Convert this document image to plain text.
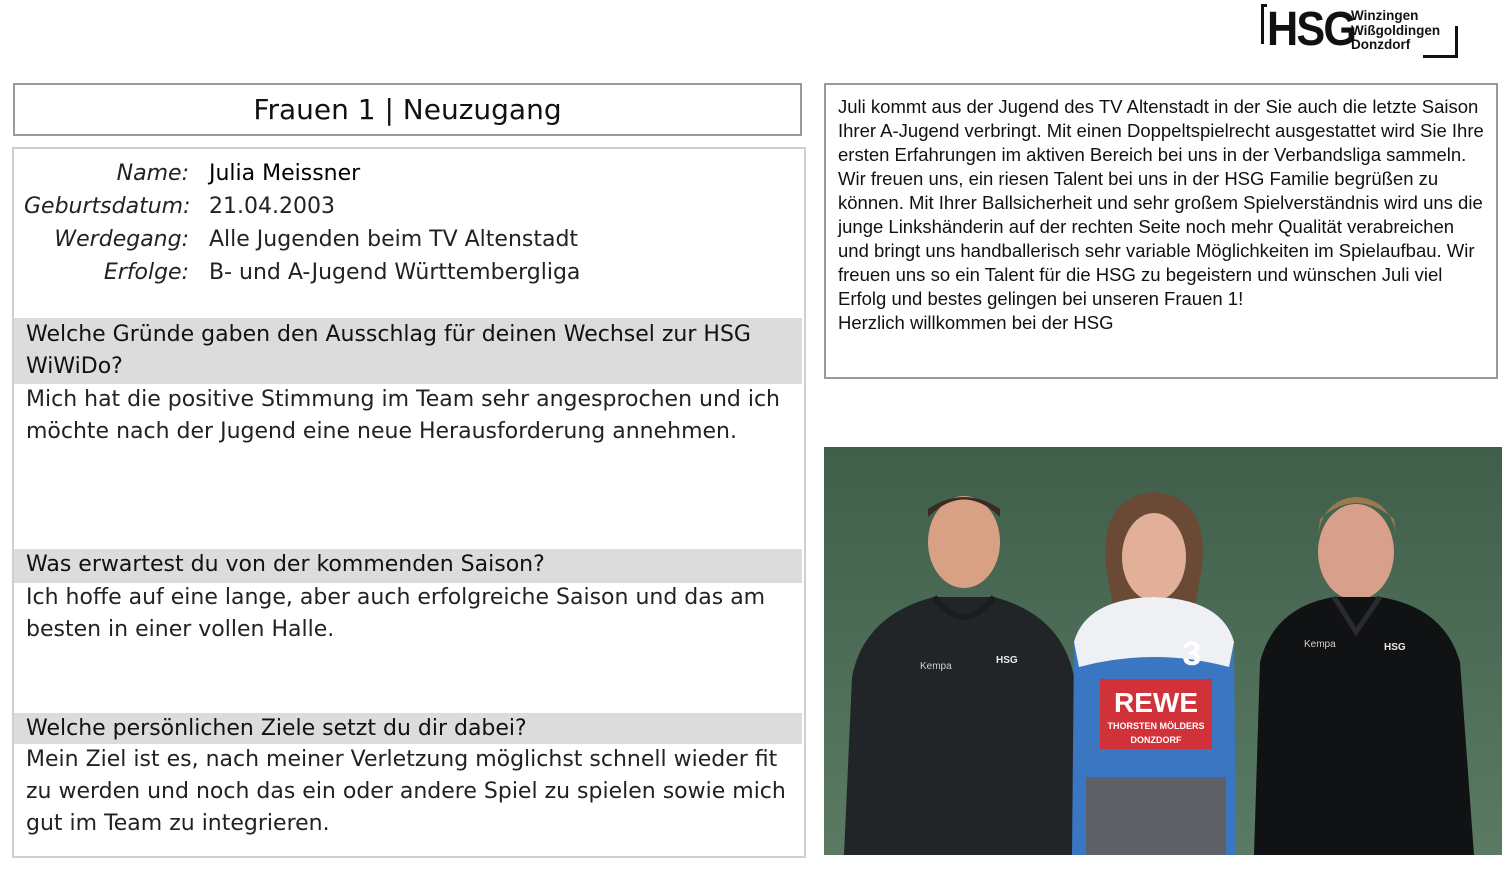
HSG
Winzingen
Wißgoldingen
Donzdorf
Frauen 1 | Neuzugang
Name: Julia Meissner
Geburtsdatum: 21.04.2003
Werdegang: Alle Jugenden beim TV Altenstadt
Erfolge: B- und A-Jugend Württembergliga
Welche Gründe gaben den Ausschlag für deinen Wechsel zur HSG WiWiDo?
Mich hat die positive Stimmung im Team sehr angesprochen und ich möchte nach der Jugend eine neue Herausforderung annehmen.
Was erwartest du von der kommenden Saison?
Ich hoffe auf eine lange, aber auch erfolgreiche Saison und das am besten in einer vollen Halle.
Welche persönlichen Ziele setzt du dir dabei?
Mein Ziel ist es, nach meiner Verletzung möglichst schnell wieder fit zu werden und noch das ein oder andere Spiel zu spielen sowie mich gut im Team zu integrieren.

Juli kommt aus der Jugend des TV Altenstadt in der Sie auch die letzte Saison Ihrer A-Jugend verbringt. Mit einen Doppeltspielrecht ausgestattet wird Sie Ihre ersten Erfahrungen im aktiven Bereich bei uns in der Verbandsliga sammeln. Wir freuen uns, ein riesen Talent bei uns in der HSG Familie begrüßen zu können. Mit Ihrer Ballsicherheit und sehr großem Spielverständnis wird uns die junge Linkshänderin auf der rechten Seite noch mehr Qualität verabreichen und bringt uns handballerisch sehr variable Möglichkeiten im Spielaufbau. Wir freuen uns so ein Talent für die HSG zu begeistern und wünschen Juli viel Erfolg und bestes gelingen bei unseren Frauen 1!

Herzlich willkommen bei der HSG

Kempa
HSG
REWE
THORSTEN MÖLDERS
DONZDORF
3	Kempa	HSG
